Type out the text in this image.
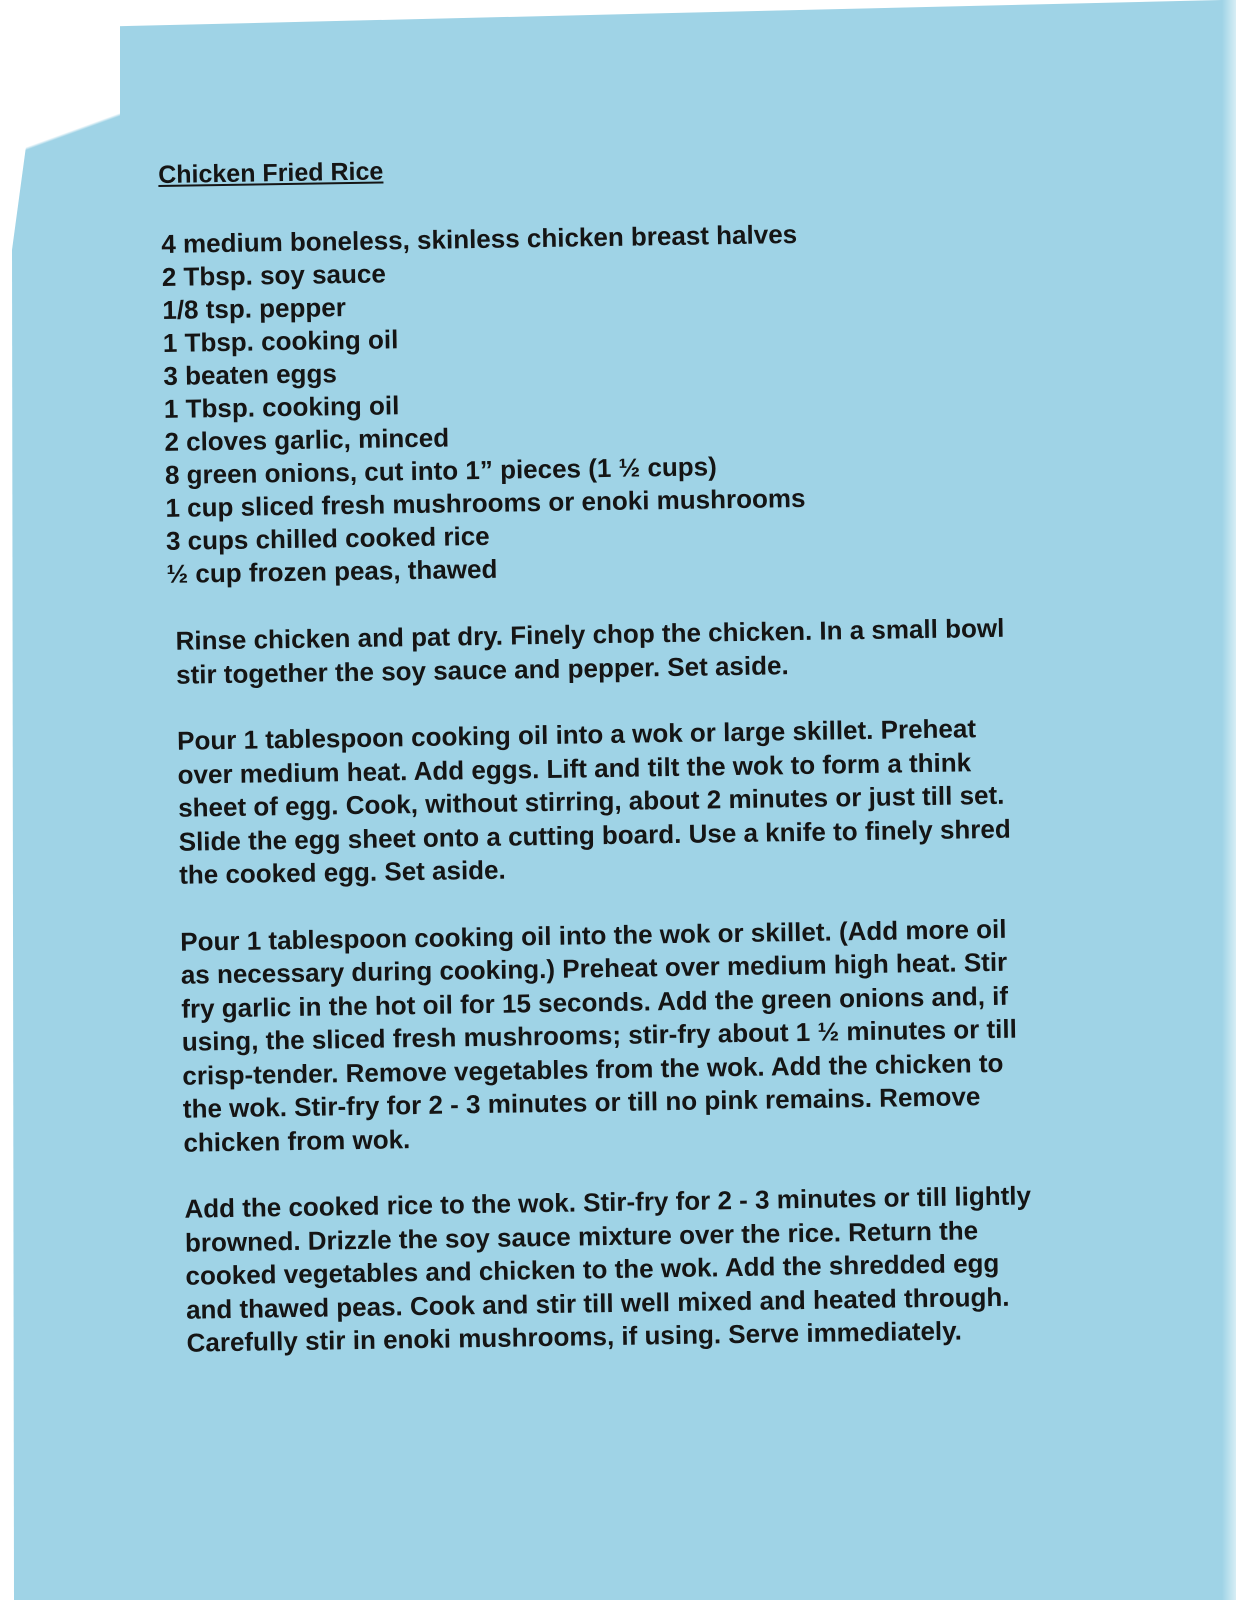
Chicken Fried Rice
4 medium boneless, skinless chicken breast halves
2 Tbsp. soy sauce
1/8 tsp. pepper
1 Tbsp. cooking oil
3 beaten eggs
1 Tbsp. cooking oil
2 cloves garlic, minced
8 green onions, cut into 1” pieces (1 ½ cups)
1 cup sliced fresh mushrooms or enoki mushrooms
3 cups chilled cooked rice
½ cup frozen peas, thawed

Rinse chicken and pat dry. Finely chop the chicken. In a small bowl stir together the soy sauce and pepper. Set aside.

Pour 1 tablespoon cooking oil into a wok or large skillet. Preheat over medium heat. Add eggs. Lift and tilt the wok to form a think sheet of egg. Cook, without stirring, about 2 minutes or just till set. Slide the egg sheet onto a cutting board. Use a knife to finely shred the cooked egg. Set aside.

Pour 1 tablespoon cooking oil into the wok or skillet. (Add more oil as necessary during cooking.) Preheat over medium high heat. Stir fry garlic in the hot oil for 15 seconds. Add the green onions and, if using, the sliced fresh mushrooms; stir-fry about 1 ½ minutes or till crisp-tender. Remove vegetables from the wok. Add the chicken to the wok. Stir-fry for 2 - 3 minutes or till no pink remains. Remove chicken from wok.

Add the cooked rice to the wok. Stir-fry for 2 - 3 minutes or till lightly browned. Drizzle the soy sauce mixture over the rice. Return the cooked vegetables and chicken to the wok. Add the shredded egg and thawed peas. Cook and stir till well mixed and heated through. Carefully stir in enoki mushrooms, if using. Serve immediately.
